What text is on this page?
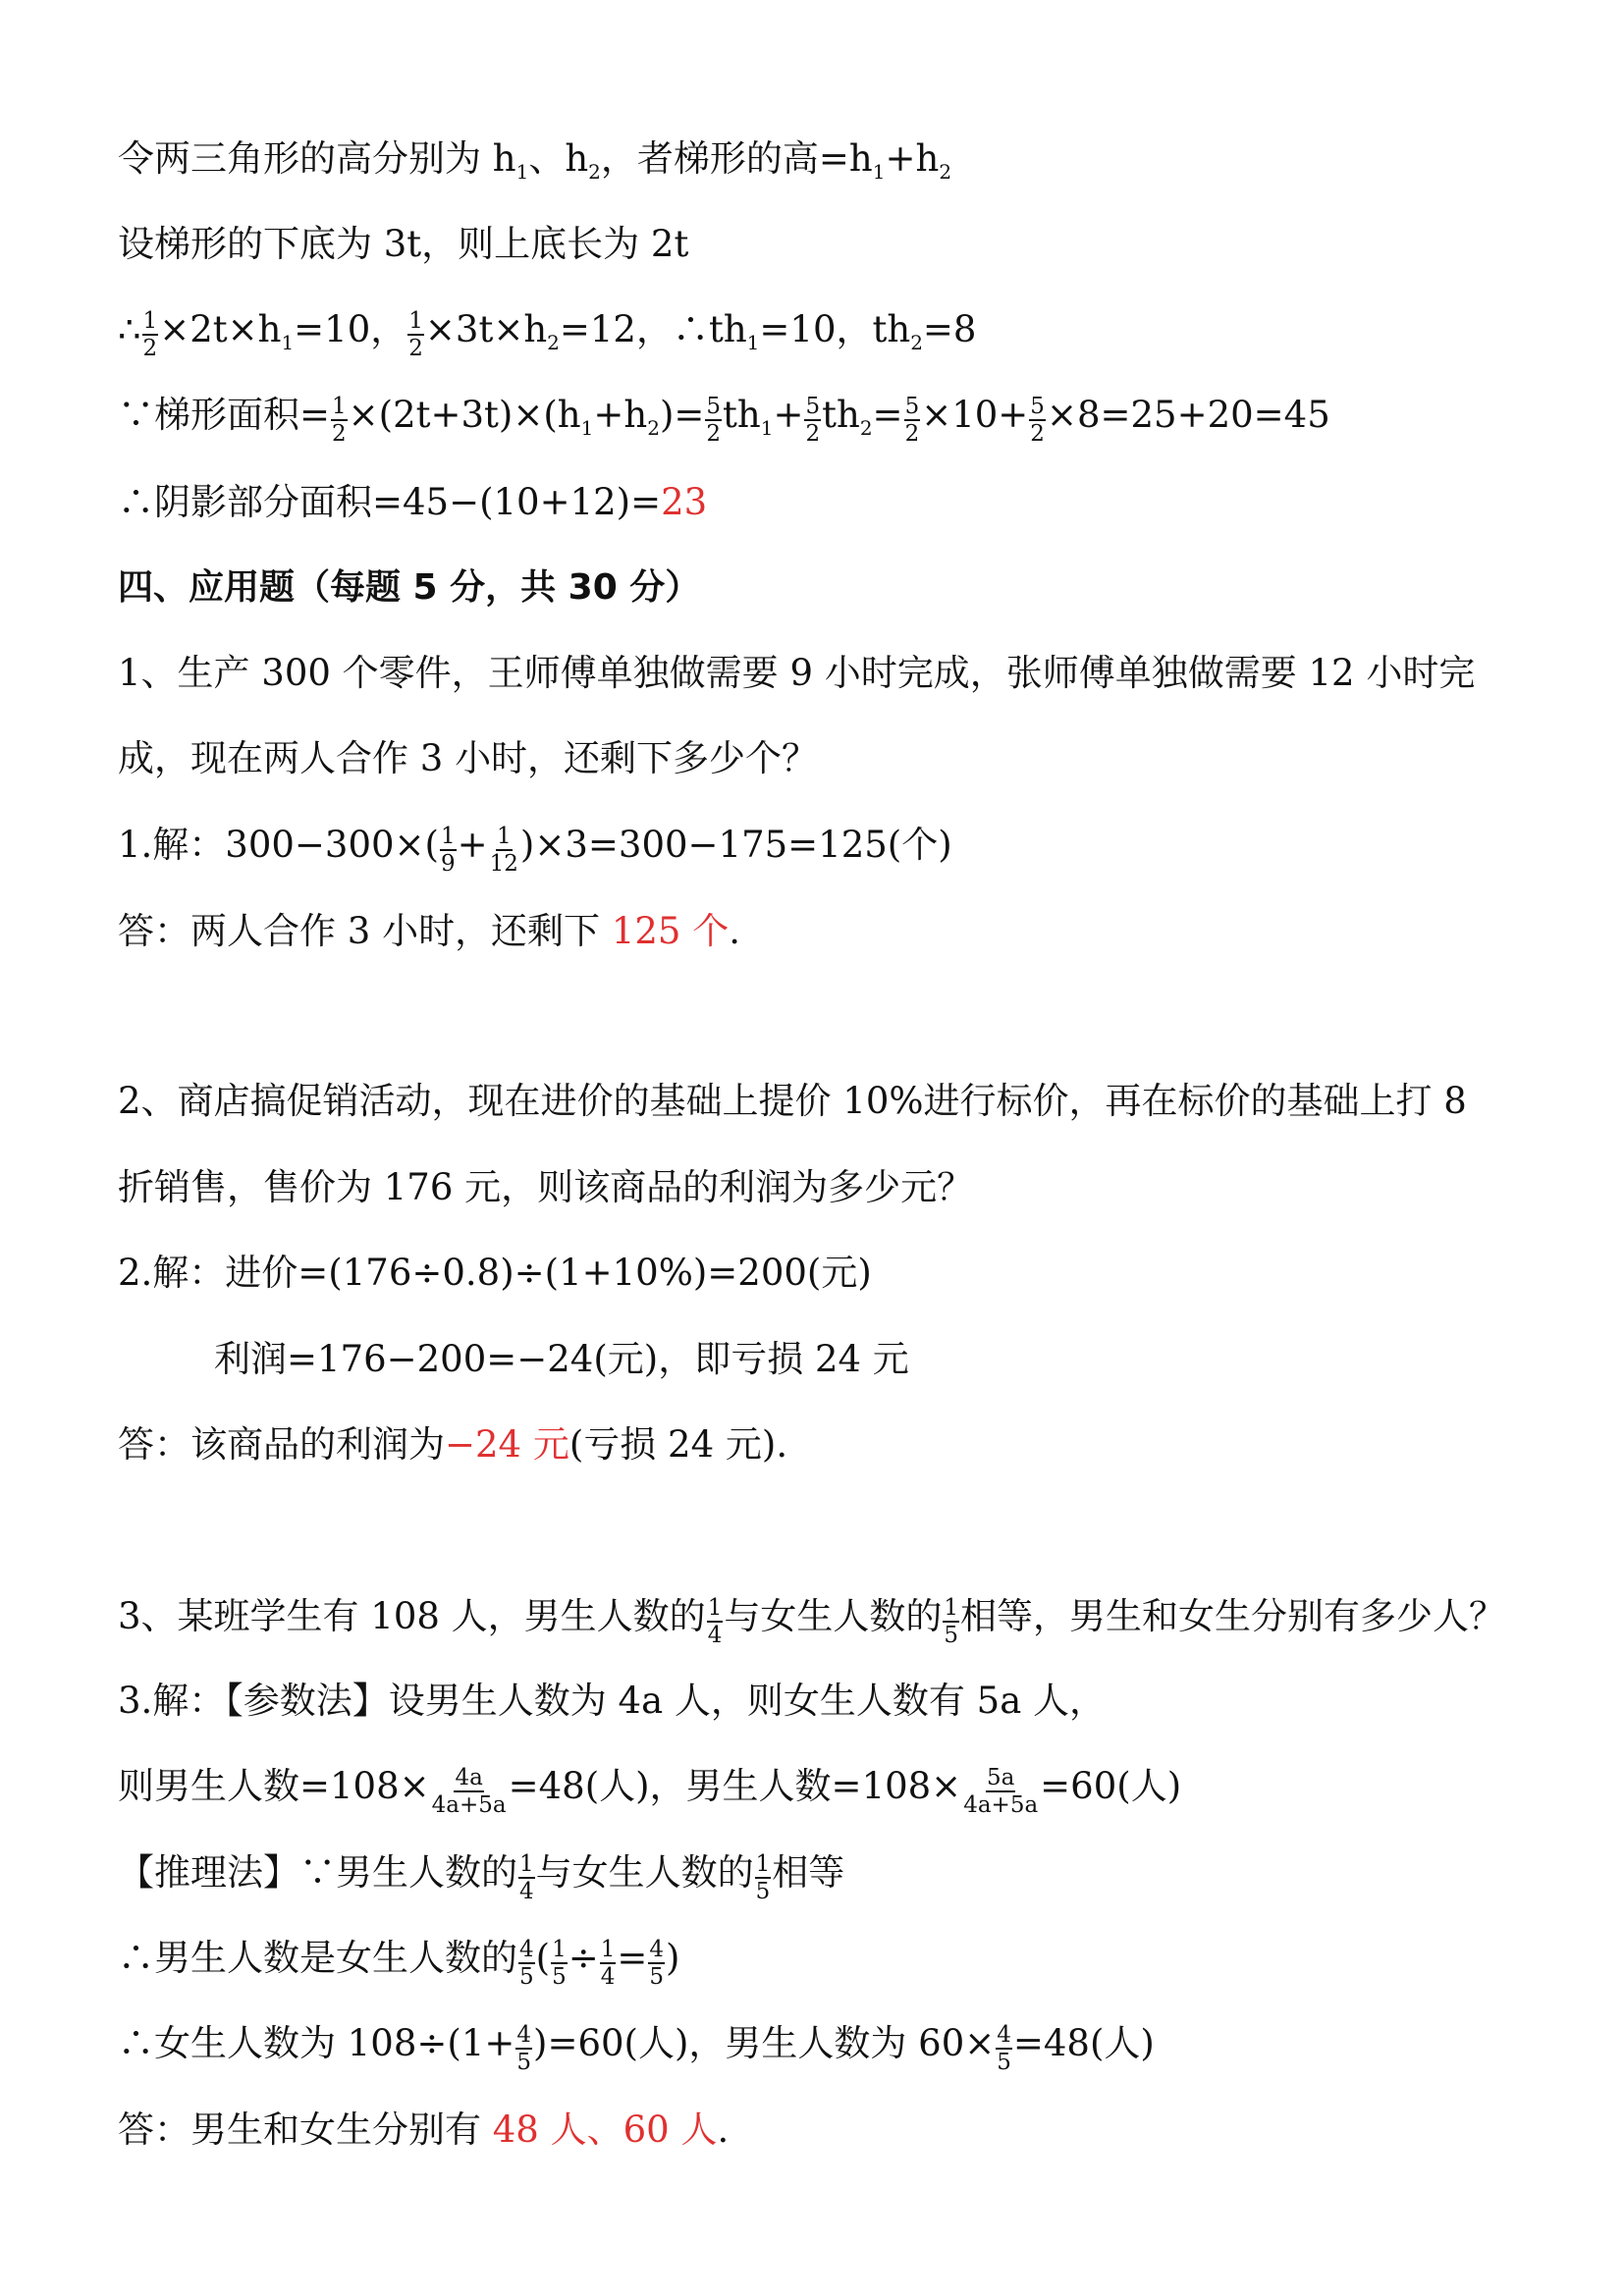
令两三角形的高分别为 $h_1$、$h_2$，者梯形的高$=h_1+h_2$
设梯形的下底为 3t，则上底长为 2t
∴ $\frac{1}{2} \times 2t\times h_1=10$， $\frac{1}{2} \times 3t\times h_2=12$，$\therefore th_1=10$，$th_2=8$
∵梯形面积= $\frac{1}{2} \times(2t+3t)\times(h_1+h_2)= \frac{5}{2} th_1+ \frac{5}{2} th_2= \frac{5}{2} \times 10+ \frac{5}{2} \times 8=25+20=45$
∴阴影部分面积=45−(10+12)=23
四、应用题（每题 5 分，共 30 分）
1、生产 300 个零件，王师傅单独做需要 9 小时完成，张师傅单独做需要 12 小时完
成，现在两人合作 3 小时，还剩下多少个？
1.解：$300-300\times( \frac{1}{9} + \frac{1}{12} )\times 3=300-175=125$(个)
答：两人合作 3 小时，还剩下 125 个.
2、商店搞促销活动，现在进价的基础上提价 10%进行标价，再在标价的基础上打 8
折销售，售价为 176 元，则该商品的利润为多少元？
2.解：进价=(176÷0.8)÷(1+10%)=200(元)
利润=176−200=−24(元)，即亏损 24 元
答：该商品的利润为−24 元(亏损 24 元).
3、某班学生有 108 人，男生人数的 $\frac{1}{4}$ 与女生人数的 $\frac{1}{5}$ 相等，男生和女生分别有多少人？
3.解：【参数法】设男生人数为 4a 人，则女生人数有 5a 人，
则男生人数$=108\times \frac{4a}{4a+5a} =48$(人)，男生人数$=108\times \frac{5a}{4a+5a} =60$(人)
【推理法】∵男生人数的 $\frac{1}{4}$ 与女生人数的 $\frac{1}{5}$ 相等
∴男生人数是女生人数的 $\frac{4}{5}$ ( $\frac{1}{5} \div \frac{1}{4} = \frac{4}{5}$ )
∴女生人数为 $108\div(1+ \frac{4}{5} )=60$(人)，男生人数为 $60\times \frac{4}{5} =48$(人)
答：男生和女生分别有 48 人、60 人.
